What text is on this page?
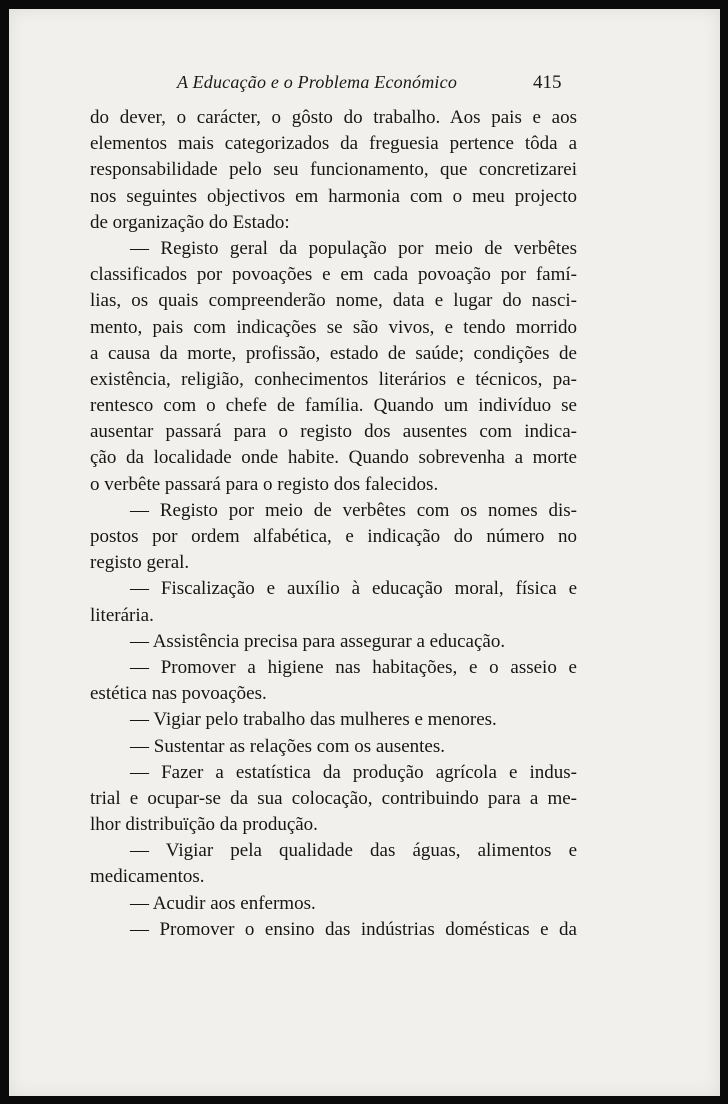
A Educação e o Problema Económico	415
do dever, o carácter, o gôsto do trabalho. Aos pais e aos
elementos mais categorizados da freguesia pertence tôda a
responsabilidade pelo seu funcionamento, que concretizarei
nos seguintes objectivos em harmonia com o meu projecto
de organização do Estado:
— Registo geral da população por meio de verbêtes
classificados por povoações e em cada povoação por famí-
lias, os quais compreenderão nome, data e lugar do nasci-
mento, pais com indicações se são vivos, e tendo morrido
a causa da morte, profissão, estado de saúde; condições de
existência, religião, conhecimentos literários e técnicos, pa-
rentesco com o chefe de família. Quando um indivíduo se
ausentar passará para o registo dos ausentes com indica-
ção da localidade onde habite. Quando sobrevenha a morte
o verbête passará para o registo dos falecidos.
— Registo por meio de verbêtes com os nomes dis-
postos por ordem alfabética, e indicação do número no
registo geral.
— Fiscalização e auxílio à educação moral, física e
literária.
— Assistência precisa para assegurar a educação.
— Promover a higiene nas habitações, e o asseio e
estética nas povoações.
— Vigiar pelo trabalho das mulheres e menores.
— Sustentar as relações com os ausentes.
— Fazer a estatística da produção agrícola e indus-
trial e ocupar-se da sua colocação, contribuindo para a me-
lhor distribuïção da produção.
— Vigiar pela qualidade das águas, alimentos e
medicamentos.
— Acudir aos enfermos.
— Promover o ensino das indústrias domésticas e da
